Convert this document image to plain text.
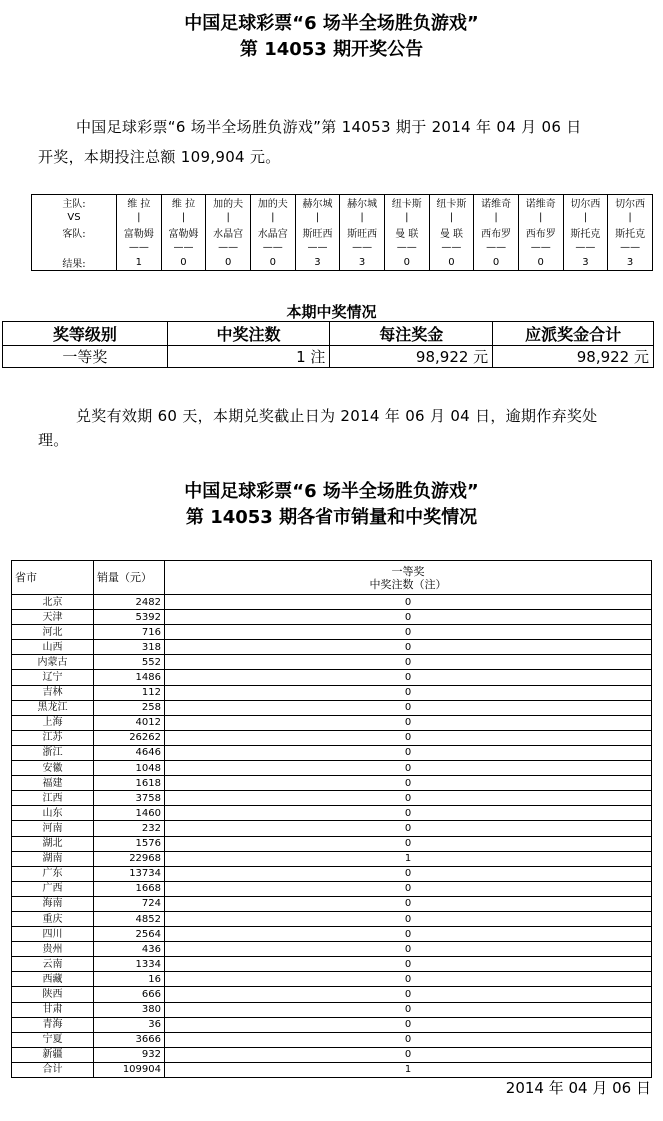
中国足球彩票“6 场半全场胜负游戏”
第 14053 期开奖公告
中国足球彩票“6 场半全场胜负游戏”第 14053 期于 2014 年 04 月 06 日
开奖，本期投注总额 109,904 元。
主队:	维 拉	维 拉	加的夫	加的夫	赫尔城	赫尔城	纽卡斯	纽卡斯	诺维奇	诺维奇	切尔西	切尔西
VS	|	|	|	|	|	|	|	|	|	|	|	|
客队:	富勒姆	富勒姆	水晶宫	水晶宫	斯旺西	斯旺西	曼 联	曼 联	西布罗	西布罗	斯托克	斯托克
	——	——	——	——	——	——	——	——	——	——	——	——
结果:	1	0	0	0	3	3	0	0	0	0	3	3
本期中奖情况
奖等级别	中奖注数	每注奖金	应派奖金合计
一等奖	1 注	98,922 元	98,922 元
兑奖有效期 60 天，本期兑奖截止日为 2014 年 06 月 04 日，逾期作弃奖处
理。
中国足球彩票“6 场半全场胜负游戏”
第 14053 期各省市销量和中奖情况
省市	销量（元）	一等奖
中奖注数（注）

北京	2482	0
天津	5392	0
河北	716	0
山西	318	0
内蒙古	552	0
辽宁	1486	0
吉林	112	0
黑龙江	258	0
上海	4012	0
江苏	26262	0
浙江	4646	0
安徽	1048	0
福建	1618	0
江西	3758	0
山东	1460	0
河南	232	0
湖北	1576	0
湖南	22968	1
广东	13734	0
广西	1668	0
海南	724	0
重庆	4852	0
四川	2564	0
贵州	436	0
云南	1334	0
西藏	16	0
陕西	666	0
甘肃	380	0
青海	36	0
宁夏	3666	0
新疆	932	0
合计	109904	1
2014 年 04 月 06 日
